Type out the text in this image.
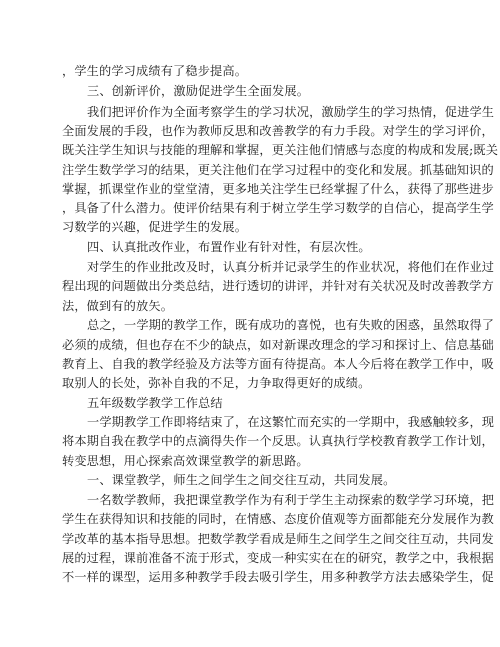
，学生的学习成绩有了稳步提高。
三、创新评价，激励促进学生全面发展。
我们把评价作为全面考察学生的学习状况，激励学生的学习热情，促进学生
全面发展的手段，也作为教师反思和改善教学的有力手段。对学生的学习评价，
既关注学生知识与技能的理解和掌握，更关注他们情感与态度的构成和发展;既关
注学生数学学习的结果，更关注他们在学习过程中的变化和发展。抓基础知识的
掌握，抓课堂作业的堂堂清，更多地关注学生已经掌握了什么，获得了那些进步
，具备了什么潜力。使评价结果有利于树立学生学习数学的自信心，提高学生学
习数学的兴趣，促进学生的发展。
四、认真批改作业，布置作业有针对性，有层次性。
对学生的作业批改及时，认真分析并记录学生的作业状况，将他们在作业过
程出现的问题做出分类总结，进行透切的讲评，并针对有关状况及时改善教学方
法，做到有的放矢。
总之，一学期的教学工作，既有成功的喜悦，也有失败的困惑，虽然取得了
必须的成绩，但也存在不少的缺点，如对新课改理念的学习和探讨上、信息基础
教育上、自我的教学经验及方法等方面有待提高。本人今后将在教学工作中，吸
取别人的长处，弥补自我的不足，力争取得更好的成绩。
五年级数学教学工作总结
一学期教学工作即将结束了，在这繁忙而充实的一学期中，我感触较多，现
将本期自我在教学中的点滴得失作一个反思。认真执行学校教育教学工作计划，
转变思想，用心探索高效课堂教学的新思路。
一、课堂教学，师生之间学生之间交往互动，共同发展。
一名数学教师，我把课堂教学作为有利于学生主动探索的数学学习环境，把
学生在获得知识和技能的同时，在情感、态度价值观等方面都能充分发展作为教
学改革的基本指导思想。把数学教学看成是师生之间学生之间交往互动，共同发
展的过程，课前准备不流于形式，变成一种实实在在的研究，教学之中，我根据
不一样的课型，运用多种教学手段去吸引学生，用多种教学方法去感染学生，促
